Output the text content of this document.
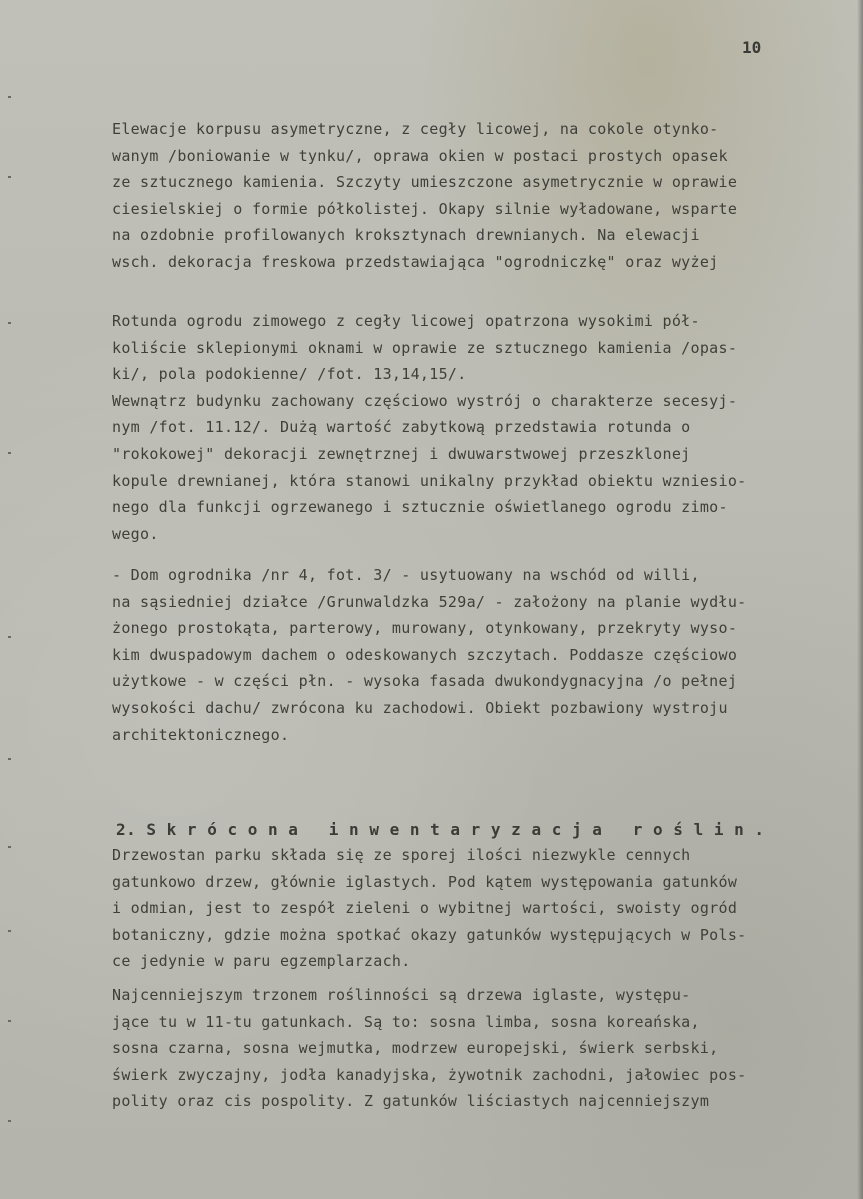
10
Elewacje korpusu asymetryczne, z cegły licowej, na cokole otynko-
wanym /boniowanie w tynku/, oprawa okien w postaci prostych opasek
ze sztucznego kamienia. Szczyty umieszczone asymetrycznie w oprawie
ciesielskiej o formie półkolistej. Okapy silnie wyładowane, wsparte
na ozdobnie profilowanych kroksztynach drewnianych. Na elewacji
wsch. dekoracja freskowa przedstawiająca "ogrodniczkę" oraz wyżej
Rotunda ogrodu zimowego z cegły licowej opatrzona wysokimi pół-
koliście sklepionymi oknami w oprawie ze sztucznego kamienia /opas-
ki/, pola podokienne/ /fot. 13,14,15/.
Wewnątrz budynku zachowany częściowo wystrój o charakterze secesyj-
nym /fot. 11.12/. Dużą wartość zabytkową przedstawia rotunda o
"rokokowej" dekoracji zewnętrznej i dwuwarstwowej przeszklonej
kopule drewnianej, która stanowi unikalny przykład obiektu wzniesio-
nego dla funkcji ogrzewanego i sztucznie oświetlanego ogrodu zimo-
wego.
- Dom ogrodnika /nr 4, fot. 3/ - usytuowany na wschód od willi,
na sąsiedniej działce /Grunwaldzka 529a/ - założony na planie wydłu-
żonego prostokąta, parterowy, murowany, otynkowany, przekryty wyso-
kim dwuspadowym dachem o odeskowanych szczytach. Poddasze częściowo
użytkowe - w części płn. - wysoka fasada dwukondygnacyjna /o pełnej
wysokości dachu/ zwrócona ku zachodowi. Obiekt pozbawiony wystroju
architektonicznego.
2. S k r ó c o n a   i n w e n t a r y z a c j a   r o ś l i n .
Drzewostan parku składa się ze sporej ilości niezwykle cennych
gatunkowo drzew, głównie iglastych. Pod kątem występowania gatunków
i odmian, jest to zespół zieleni o wybitnej wartości, swoisty ogród
botaniczny, gdzie można spotkać okazy gatunków występujących w Pols-
ce jedynie w paru egzemplarzach.
Najcenniejszym trzonem roślinności są drzewa iglaste, występu-
jące tu w 11-tu gatunkach. Są to: sosna limba, sosna koreańska,
sosna czarna, sosna wejmutka, modrzew europejski, świerk serbski,
świerk zwyczajny, jodła kanadyjska, żywotnik zachodni, jałowiec pos-
polity oraz cis pospolity. Z gatunków liściastych najcenniejszym
